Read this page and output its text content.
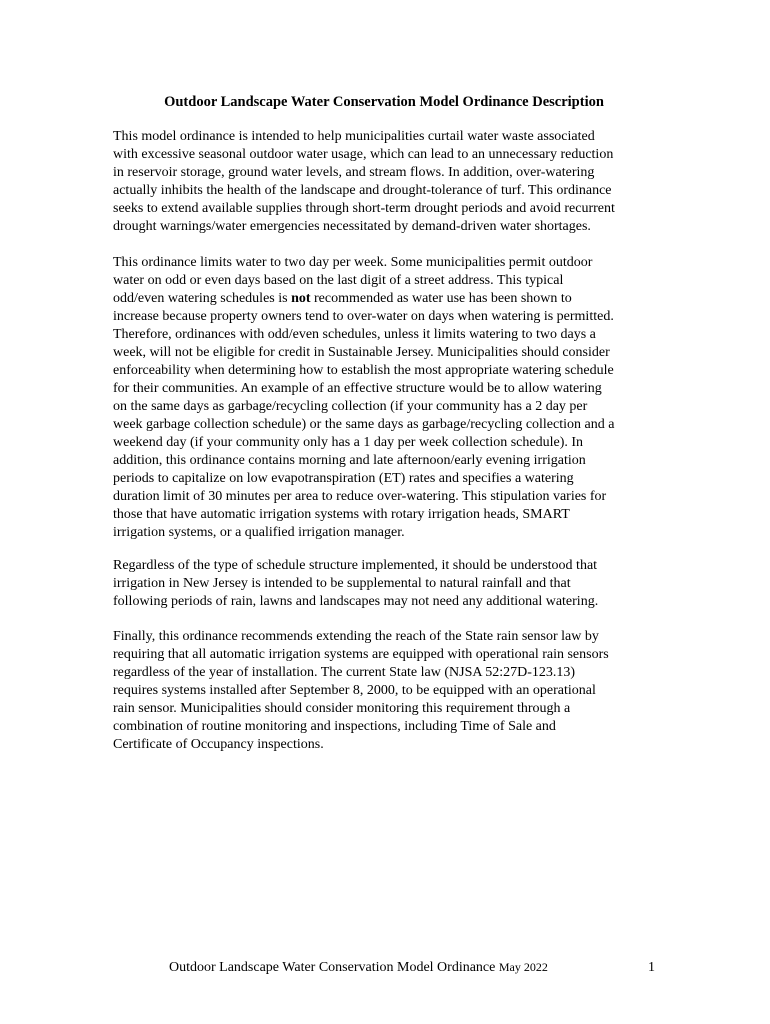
Outdoor Landscape Water Conservation Model Ordinance Description
This model ordinance is intended to help municipalities curtail water waste associated
with excessive seasonal outdoor water usage, which can lead to an unnecessary reduction
in reservoir storage, ground water levels, and stream flows. In addition, over-watering
actually inhibits the health of the landscape and drought-tolerance of turf. This ordinance
seeks to extend available supplies through short-term drought periods and avoid recurrent
drought warnings/water emergencies necessitated by demand-driven water shortages.
This ordinance limits water to two day per week. Some municipalities permit outdoor
water on odd or even days based on the last digit of a street address. This typical
odd/even watering schedules is not recommended as water use has been shown to
increase because property owners tend to over-water on days when watering is permitted.
Therefore, ordinances with odd/even schedules, unless it limits watering to two days a
week, will not be eligible for credit in Sustainable Jersey. Municipalities should consider
enforceability when determining how to establish the most appropriate watering schedule
for their communities. An example of an effective structure would be to allow watering
on the same days as garbage/recycling collection (if your community has a 2 day per
week garbage collection schedule) or the same days as garbage/recycling collection and a
weekend day (if your community only has a 1 day per week collection schedule). In
addition, this ordinance contains morning and late afternoon/early evening irrigation
periods to capitalize on low evapotranspiration (ET) rates and specifies a watering
duration limit of 30 minutes per area to reduce over-watering. This stipulation varies for
those that have automatic irrigation systems with rotary irrigation heads, SMART
irrigation systems, or a qualified irrigation manager.
Regardless of the type of schedule structure implemented, it should be understood that
irrigation in New Jersey is intended to be supplemental to natural rainfall and that
following periods of rain, lawns and landscapes may not need any additional watering.
Finally, this ordinance recommends extending the reach of the State rain sensor law by
requiring that all automatic irrigation systems are equipped with operational rain sensors
regardless of the year of installation. The current State law (NJSA 52:27D-123.13)
requires systems installed after September 8, 2000, to be equipped with an operational
rain sensor. Municipalities should consider monitoring this requirement through a
combination of routine monitoring and inspections, including Time of Sale and
Certificate of Occupancy inspections.
Outdoor Landscape Water Conservation Model Ordinance May 2022	1
